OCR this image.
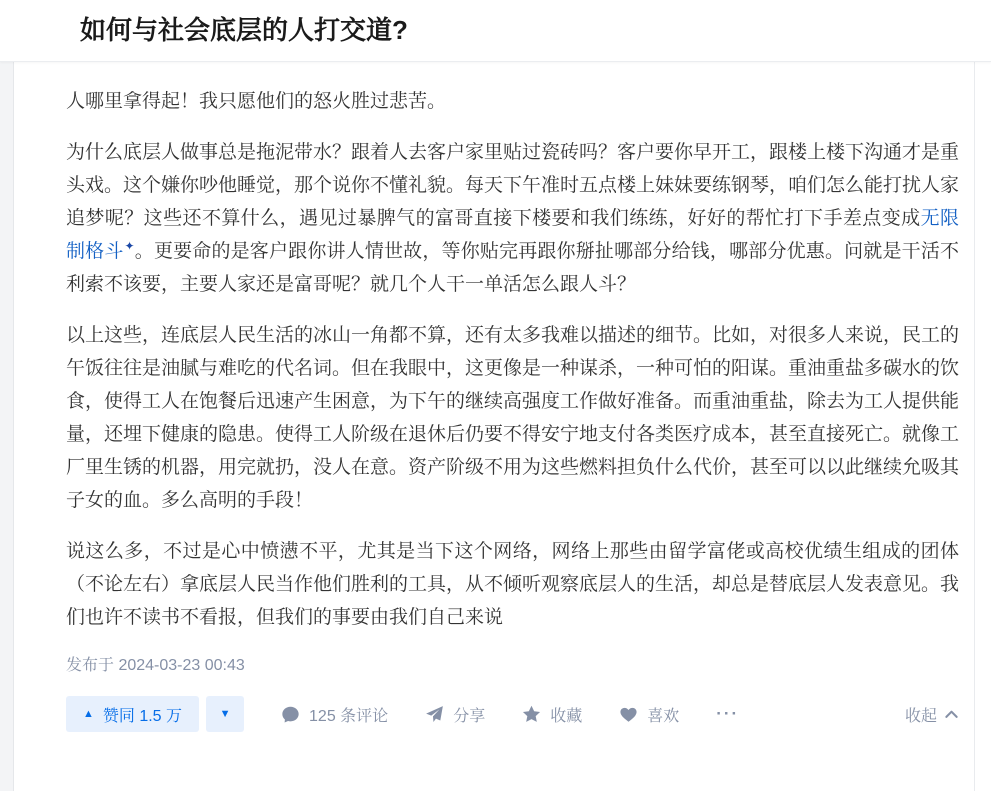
如何与社会底层的人打交道?

人哪里拿得起！我只愿他们的怒火胜过悲苦。

为什么底层人做事总是拖泥带水？跟着人去客户家里贴过瓷砖吗？客户要你早开工，跟楼上楼下沟通才是重头戏。这个嫌你吵他睡觉，那个说你不懂礼貌。每天下午准时五点楼上妹妹要练钢琴，咱们怎么能打扰人家追梦呢？这些还不算什么，遇见过暴脾气的富哥直接下楼要和我们练练，好好的帮忙打下手差点变成无限制格斗✦。更要命的是客户跟你讲人情世故，等你贴完再跟你掰扯哪部分给钱，哪部分优惠。问就是干活不利索不该要，主要人家还是富哥呢？就几个人干一单活怎么跟人斗？

以上这些，连底层人民生活的冰山一角都不算，还有太多我难以描述的细节。比如，对很多人来说，民工的午饭往往是油腻与难吃的代名词。但在我眼中，这更像是一种谋杀，一种可怕的阳谋。重油重盐多碳水的饮食，使得工人在饱餐后迅速产生困意，为下午的继续高强度工作做好准备。而重油重盐，除去为工人提供能量，还埋下健康的隐患。使得工人阶级在退休后仍要不得安宁地支付各类医疗成本，甚至直接死亡。就像工厂里生锈的机器，用完就扔，没人在意。资产阶级不用为这些燃料担负什么代价，甚至可以以此继续允吸其子女的血。多么高明的手段！

说这么多，不过是心中愤懑不平，尤其是当下这个网络，网络上那些由留学富佬或高校优绩生组成的团体（不论左右）拿底层人民当作他们胜利的工具，从不倾听观察底层人的生活，却总是替底层人发表意见。我们也许不读书不看报，但我们的事要由我们自己来说

发布于 2024-03-23 00:43
▲ 赞同 1.5 万	▼	125 条评论	分享	收藏	喜欢 ···	收起
